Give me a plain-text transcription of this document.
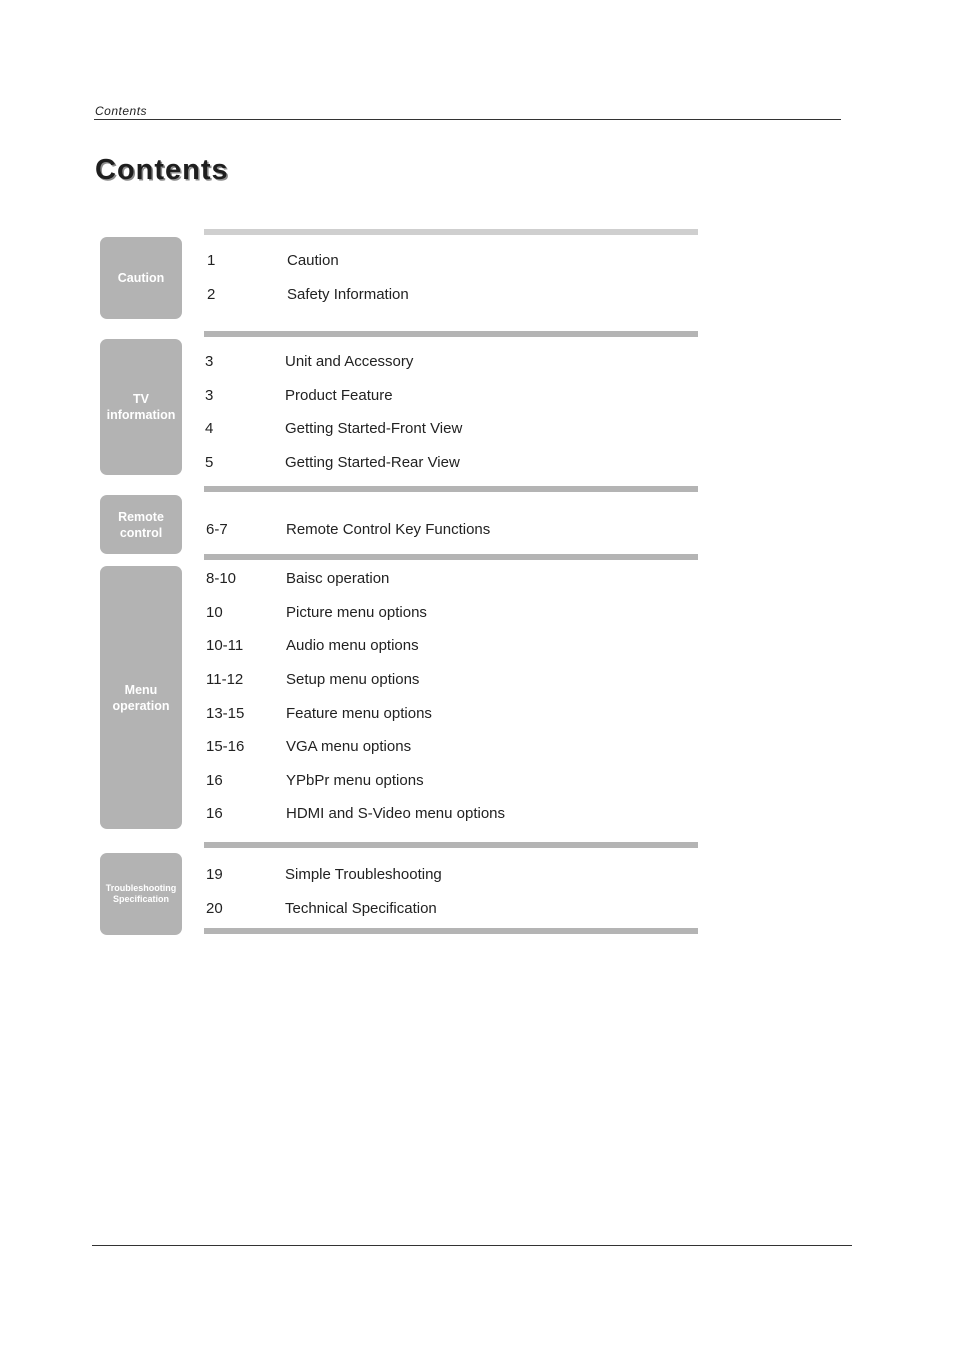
Contents
Contents
Caution
1	Caution
2	Safety Information
TV
information
3	Unit and Accessory
3	Product Feature
4	Getting Started-Front View
5	Getting Started-Rear View
Remote
control	6-7	Remote Control Key Functions
Menu
operation
8-10	Baisc operation
10	Picture menu options
10-11	Audio menu options
11-12	Setup menu options
13-15	Feature menu options
15-16	VGA menu options
16	YPbPr menu options
16	HDMI and S-Video menu options
Troubleshooting
Specification
19	Simple Troubleshooting
20	Technical Specification
